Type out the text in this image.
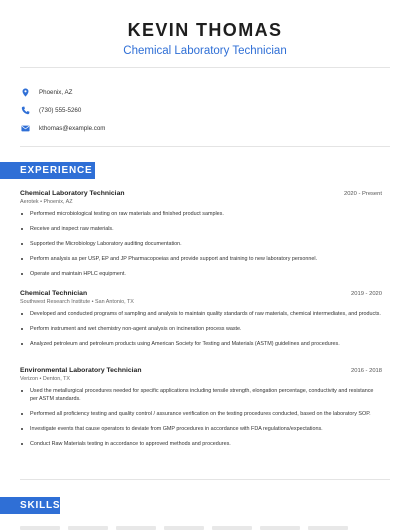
KEVIN THOMAS
Chemical Laboratory Technician
Phoenix, AZ
(730) 555-5260
kthomas@example.com
EXPERIENCE
Chemical Laboratory Technician	2020 - Present
Aerotek • Phoenix, AZ
Performed microbiological testing on raw materials and finished product samples.
Receive and inspect raw materials.
Supported the Microbiology Laboratory auditing documentation.
Perform analysis as per USP, EP and JP Pharmacopoeias and provide support and training to new laboratory personnel.
Operate and maintain HPLC equipment.
Chemical Technician	2019 - 2020
Southwest Research Institute • San Antonio, TX
Developed and conducted programs of sampling and analysis to maintain quality standards of raw materials, chemical intermediates, and products.
Perform instrument and wet chemistry non-agent analysis on incineration process waste.
Analyzed petroleum and petroleum products using American Society for Testing and Materials (ASTM) guidelines and procedures.
Environmental Laboratory Technician	2016 - 2018
Verizon • Denton, TX
Used the metallurgical procedures needed for specific applications including tensile strength, elongation percentage, conductivity and resistance per ASTM standards.
Performed all proficiency testing and quality control / assurance verification on the testing procedures conducted, based on the laboratory SOP.
Investigate events that cause operators to deviate from GMP procedures in accordance with FDA regulations/expectations.
Conduct Raw Materials testing in accordance to approved methods and procedures.
SKILLS
